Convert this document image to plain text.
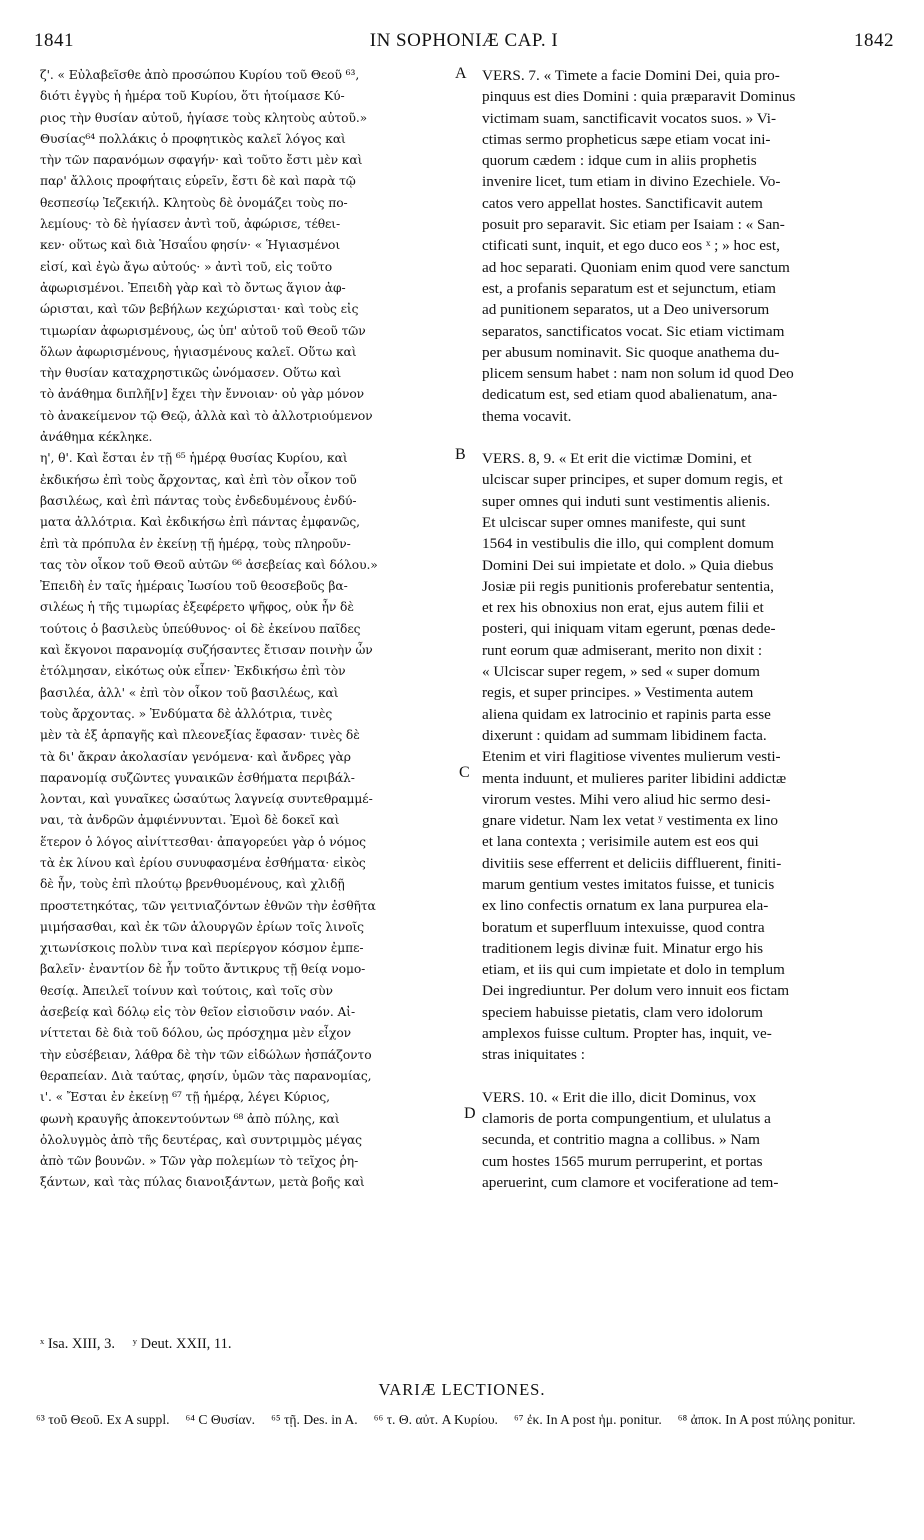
1841	IN SOPHONIÆ CAP. I	1842

ζ'. « Εὐλαβεῖσθε ἀπὸ προσώπου Κυρίου τοῦ Θεοῦ ⁶³,

διότι ἐγγὺς ἡ ἡμέρα τοῦ Κυρίου, ὅτι ἡτοίμασε Κύ-

ριος τὴν θυσίαν αὐτοῦ, ἡγίασε τοὺς κλητοὺς αὐτοῦ.»

Θυσίας⁶⁴ πολλάκις ὁ προφητικὸς καλεῖ λόγος καὶ

τὴν τῶν παρανόμων σφαγήν· καὶ τοῦτο ἔστι μὲν καὶ

παρ' ἄλλοις προφήταις εὑρεῖν, ἔστι δὲ καὶ παρὰ τῷ

θεσπεσίῳ Ἰεζεκιήλ. Κλητοὺς δὲ ὀνομάζει τοὺς πο-

λεμίους· τὸ δὲ ἡγίασεν ἀντὶ τοῦ, ἀφώρισε, τέθει-

κεν· οὕτως καὶ διὰ Ἡσαΐου φησίν· « Ἡγιασμένοι

εἰσί, καὶ ἐγὼ ἄγω αὐτούς· » ἀντὶ τοῦ, εἰς τοῦτο

ἀφωρισμένοι. Ἐπειδὴ γὰρ καὶ τὸ ὄντως ἅγιον ἀφ-

ώρισται, καὶ τῶν βεβήλων κεχώρισται· καὶ τοὺς εἰς

τιμωρίαν ἀφωρισμένους, ὡς ὑπ' αὐτοῦ τοῦ Θεοῦ τῶν

ὅλων ἀφωρισμένους, ἡγιασμένους καλεῖ. Οὕτω καὶ

τὴν θυσίαν καταχρηστικῶς ὠνόμασεν. Οὕτω καὶ

τὸ ἀνάθημα διπλῆ[ν] ἔχει τὴν ἔννοιαν· οὐ γὰρ μόνον

τὸ ἀνακείμενον τῷ Θεῷ, ἀλλὰ καὶ τὸ ἀλλοτριούμενον

ἀνάθημα κέκληκε.

η', θ'. Καὶ ἔσται ἐν τῇ ⁶⁵ ἡμέρᾳ θυσίας Κυρίου, καὶ

ἐκδικήσω ἐπὶ τοὺς ἄρχοντας, καὶ ἐπὶ τὸν οἶκον τοῦ

βασιλέως, καὶ ἐπὶ πάντας τοὺς ἐνδεδυμένους ἐνδύ-

ματα ἀλλότρια. Καὶ ἐκδικήσω ἐπὶ πάντας ἐμφανῶς,

ἐπὶ τὰ πρόπυλα ἐν ἐκείνῃ τῇ ἡμέρᾳ, τοὺς πληροῦν-

τας τὸν οἶκον τοῦ Θεοῦ αὐτῶν ⁶⁶ ἀσεβείας καὶ δόλου.»

Ἐπειδὴ ἐν ταῖς ἡμέραις Ἰωσίου τοῦ θεοσεβοῦς βα-

σιλέως ἡ τῆς τιμωρίας ἐξεφέρετο ψῆφος, οὐκ ἦν δὲ

τούτοις ὁ βασιλεὺς ὑπεύθυνος· οἱ δὲ ἐκείνου παῖδες

καὶ ἔκγονοι παρανομίᾳ συζήσαντες ἔτισαν ποινὴν ὧν

ἐτόλμησαν, εἰκότως οὐκ εἶπεν· Ἐκδικήσω ἐπὶ τὸν

βασιλέα, ἀλλ' « ἐπὶ τὸν οἶκον τοῦ βασιλέως, καὶ

τοὺς ἄρχοντας. » Ἐνδύματα δὲ ἀλλότρια, τινὲς

μὲν τὰ ἐξ ἁρπαγῆς καὶ πλεονεξίας ἔφασαν· τινὲς δὲ

τὰ δι' ἄκραν ἀκολασίαν γενόμενα· καὶ ἄνδρες γὰρ

παρανομίᾳ συζῶντες γυναικῶν ἐσθήματα περιβάλ-

λονται, καὶ γυναῖκες ὡσαύτως λαγνείᾳ συντεθραμμέ-

ναι, τὰ ἀνδρῶν ἀμφιέννυνται. Ἐμοὶ δὲ δοκεῖ καὶ

ἕτερον ὁ λόγος αἰνίττεσθαι· ἀπαγορεύει γὰρ ὁ νόμος

τὰ ἐκ λίνου καὶ ἐρίου συνυφασμένα ἐσθήματα· εἰκὸς

δὲ ἦν, τοὺς ἐπὶ πλούτῳ βρενθυομένους, καὶ χλιδῇ

προστετηκότας, τῶν γειτνιαζόντων ἐθνῶν τὴν ἐσθῆτα

μιμήσασθαι, καὶ ἐκ τῶν ἁλουργῶν ἐρίων τοῖς λινοῖς

χιτωνίσκοις πολὺν τινα καὶ περίεργον κόσμον ἐμπε-

βαλεῖν· ἐναντίον δὲ ἦν τοῦτο ἄντικρυς τῇ θείᾳ νομο-

θεσίᾳ. Ἀπειλεῖ τοίνυν καὶ τούτοις, καὶ τοῖς σὺν

ἀσεβείᾳ καὶ δόλῳ εἰς τὸν θεῖον εἰσιοῦσιν ναόν. Αἰ-

νίττεται δὲ διὰ τοῦ δόλου, ὡς πρόσχημα μὲν εἶχον

τὴν εὐσέβειαν, λάθρα δὲ τὴν τῶν εἰδώλων ἠσπάζοντο

θεραπείαν. Διὰ ταύτας, φησίν, ὑμῶν τὰς παρανομίας,

ι'. « Ἔσται ἐν ἐκείνῃ ⁶⁷ τῇ ἡμέρᾳ, λέγει Κύριος,

φωνὴ κραυγῆς ἀποκεντούντων ⁶⁸ ἀπὸ πύλης, καὶ

ὀλολυγμὸς ἀπὸ τῆς δευτέρας, καὶ συντριμμὸς μέγας

ἀπὸ τῶν βουνῶν. » Τῶν γὰρ πολεμίων τὸ τεῖχος ῥη-

ξάντων, καὶ τὰς πύλας διανοιξάντων, μετὰ βοῆς καὶ

VERS. 7. « Timete a facie Domini Dei, quia pro-

pinquus est dies Domini : quia præparavit Dominus

victimam suam, sanctificavit vocatos suos. » Vi-

ctimas sermo propheticus sæpe etiam vocat ini-

quorum cædem : idque cum in aliis prophetis

invenire licet, tum etiam in divino Ezechiele. Vo-

catos vero appellat hostes. Sanctificavit autem

posuit pro separavit. Sic etiam per Isaiam : « San-

ctificati sunt, inquit, et ego duco eos ˣ ; » hoc est,

ad hoc separati. Quoniam enim quod vere sanctum

est, a profanis separatum est et sejunctum, etiam

ad punitionem separatos, ut a Deo universorum

separatos, sanctificatos vocat. Sic etiam victimam

per abusum nominavit. Sic quoque anathema du-

plicem sensum habet : nam non solum id quod Deo

dedicatum est, sed etiam quod abalienatum, ana-

thema vocavit.

VERS. 8, 9. « Et erit die victimæ Domini, et

ulciscar super principes, et super domum regis, et

super omnes qui induti sunt vestimentis alienis.

Et ulciscar super omnes manifeste, qui sunt

1564 in vestibulis die illo, qui complent domum

Domini Dei sui impietate et dolo. » Quia diebus

Josiæ pii regis punitionis proferebatur sententia,

et rex his obnoxius non erat, ejus autem filii et

posteri, qui iniquam vitam egerunt, pœnas dede-

runt eorum quæ admiserant, merito non dixit :

« Ulciscar super regem, » sed « super domum

regis, et super principes. » Vestimenta autem

aliena quidam ex latrocinio et rapinis parta esse

dixerunt : quidam ad summam libidinem facta.

Etenim et viri flagitiose viventes mulierum vesti-

menta induunt, et mulieres pariter libidini addictæ

virorum vestes. Mihi vero aliud hic sermo desi-

gnare videtur. Nam lex vetat ʸ vestimenta ex lino

et lana contexta ; verisimile autem est eos qui

divitiis sese efferrent et deliciis diffluerent, finiti-

marum gentium vestes imitatos fuisse, et tunicis

ex lino confectis ornatum ex lana purpurea ela-

boratum et superfluum intexuisse, quod contra

traditionem legis divinæ fuit. Minatur ergo his

etiam, et iis qui cum impietate et dolo in templum

Dei ingrediuntur. Per dolum vero innuit eos fictam

speciem habuisse pietatis, clam vero idolorum

amplexos fuisse cultum. Propter has, inquit, ve-

stras iniquitates :

VERS. 10. « Erit die illo, dicit Dominus, vox

clamoris de porta compungentium, et ululatus a

secunda, et contritio magna a collibus. » Nam

cum hostes 1565 murum perruperint, et portas

aperuerint, cum clamore et vociferatione ad tem-

A
B
C
D
ˣ Isa. XIII, 3. ʸ Deut. XXII, 11.
VARIÆ LECTIONES.
⁶³ τοῦ Θεοῦ. Ex A suppl. ⁶⁴ C Θυσίαν. ⁶⁵ τῇ. Des. in A. ⁶⁶ τ. Θ. αὐτ. A Κυρίου. ⁶⁷ ἐκ. In A post ἡμ. ponitur. ⁶⁸ ἀποκ. In A post πύλης ponitur.
